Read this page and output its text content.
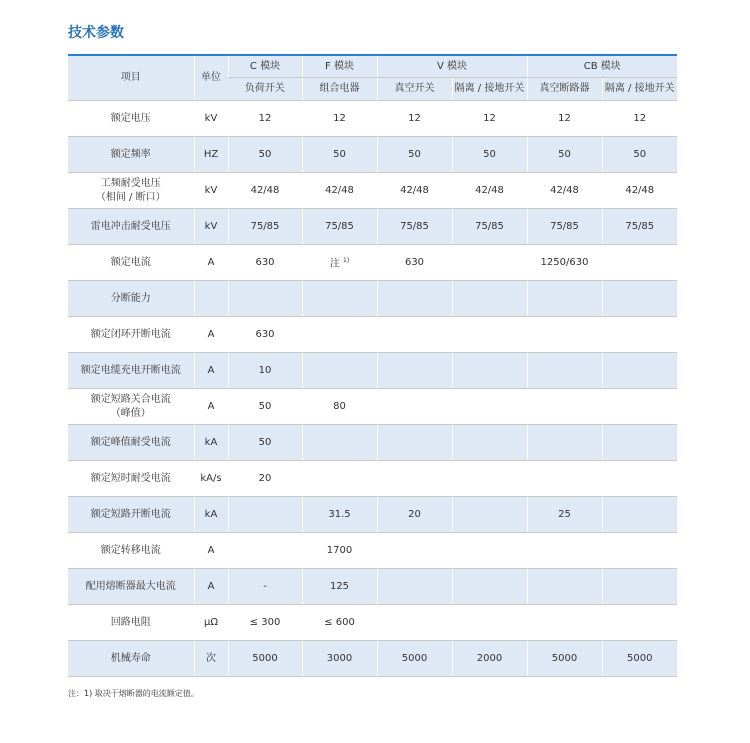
技术参数
项目	单位	C 模块	F 模块	V 模块		CB 模块	
		负荷开关	组合电器	真空开关	隔离 / 接地开关	真空断路器	隔离 / 接地开关

额定电压	kV	12	12	12	12	12	12

额定频率	HZ	50	50	50	50	50	50

工频耐受电压
（相间 / 断口）	kV	42/48	42/48	42/48	42/48	42/48	42/48

雷电冲击耐受电压	kV	75/85	75/85	75/85	75/85	75/85	75/85

额定电流	A	630	注 $^{1)}$	630		1250/630	

分断能力							

额定闭环开断电流	A	630					

额定电缆充电开断电流	A	10					

额定短路关合电流
（峰值）	A	50	80				

额定峰值耐受电流	kA	50					

额定短时耐受电流	kA/s	20					

额定短路开断电流	kA		31.5	20		25	

额定转移电流	A		1700				

配用熔断器最大电流	A	-	125				

回路电阻	μΩ	≤ 300	≤ 600				

机械寿命	次	5000	3000	5000	2000	5000	5000
注：1) 取决于熔断器的电流额定值。
